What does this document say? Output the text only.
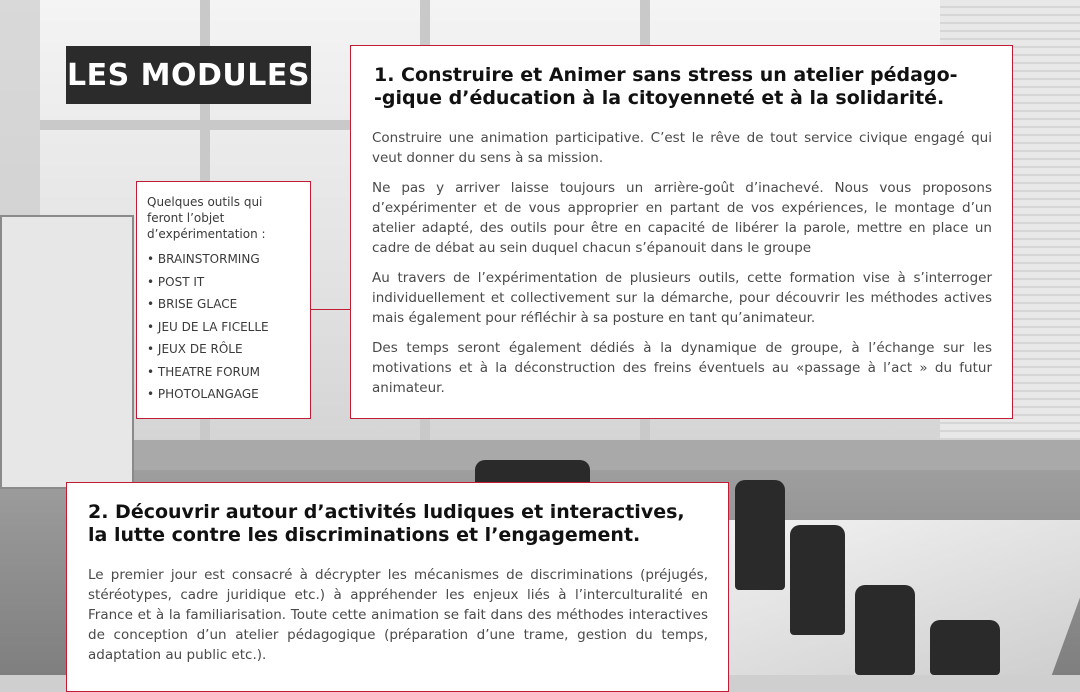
LES MODULES	1. Construire et Animer sans stress un atelier pédago-
-gique d’éducation à la citoyenneté et à la solidarité.

Construire une animation participative. C’est le rêve de tout service civique engagé qui veut donner du sens à sa mission.

Ne pas y arriver laisse toujours un arrière-goût d’inachevé. Nous vous proposons d’expérimenter et de vous approprier en partant de vos expériences, le montage d’un atelier adapté, des outils pour être en capacité de libérer la parole, mettre en place un cadre de débat au sein duquel chacun s’épanouit dans le groupe

Au travers de l’expérimentation de plusieurs outils, cette formation vise à s’interroger individuellement et collectivement sur la démarche, pour découvrir les méthodes actives mais également pour réfléchir à sa posture en tant qu’animateur.

Des temps seront également dédiés à la dynamique de groupe, à l’échange sur les motivations et à la déconstruction des freins éventuels au «passage à l’act » du futur animateur.

Quelques outils qui
feront l’objet
d’expérimentation :

• BRAINSTORMING
• POST IT
• BRISE GLACE
• JEU DE LA FICELLE
• JEUX DE RÔLE
• THEATRE FORUM
• PHOTOLANGAGE
2. Découvrir autour d’activités ludiques et interactives,
la lutte contre les discriminations et l’engagement.

Le premier jour est consacré à décrypter les mécanismes de discriminations (préjugés, stéréotypes, cadre juridique etc.) à appréhender les enjeux liés à l’interculturalité en France et à la familiarisation. Toute cette animation se fait dans des méthodes interactives de conception d’un atelier pédagogique (préparation d’une trame, gestion du temps, adaptation au public etc.).
